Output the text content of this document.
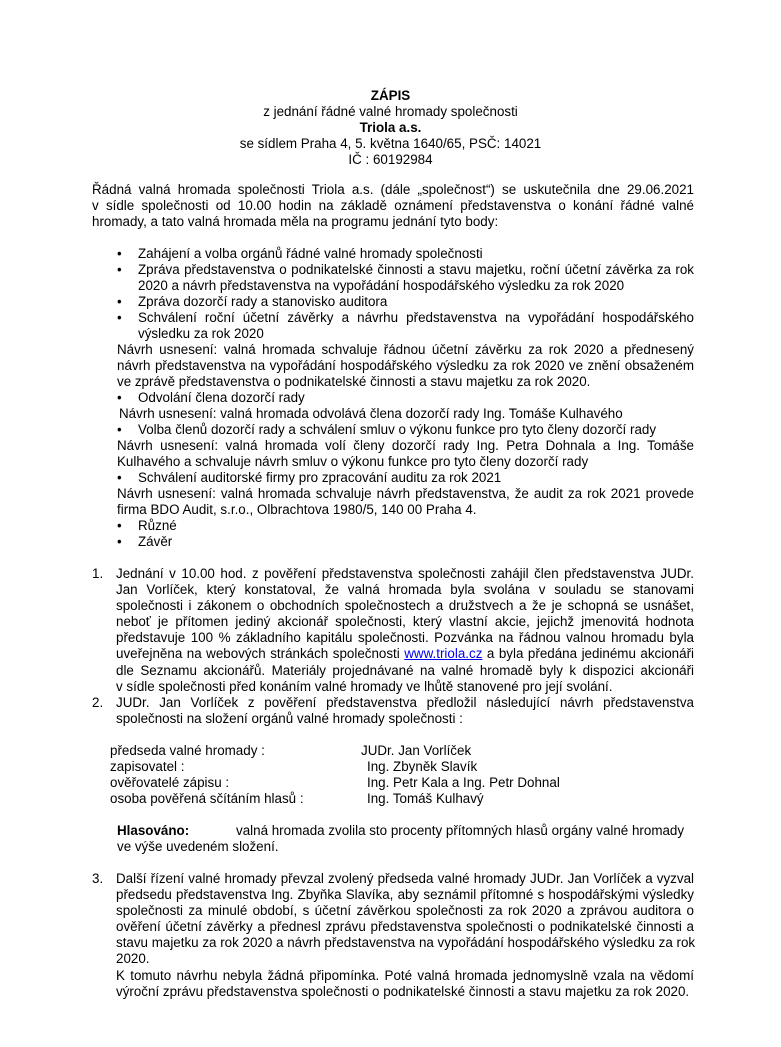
ZÁPIS
z jednání řádné valné hromady společnosti
Triola a.s.
se sídlem Praha 4, 5. května 1640/65, PSČ: 14021
IČ : 60192984
Řádná valná hromada společnosti Triola a.s. (dále „společnost“) se uskutečnila dne 29.06.2021
v sídle společnosti od 10.00 hodin na základě oznámení představenstva o konání řádné valné
hromady, a tato valná hromada měla na programu jednání tyto body:
• Zahájení a volba orgánů řádné valné hromady společnosti
• Zpráva představenstva o podnikatelské činnosti a stavu majetku, roční účetní závěrka za rok
2020 a návrh představenstva na vypořádání hospodářského výsledku za rok 2020
• Zpráva dozorčí rady a stanovisko auditora
• Schválení roční účetní závěrky a návrhu představenstva na vypořádání hospodářského
výsledku za rok 2020
Návrh usnesení: valná hromada schvaluje řádnou účetní závěrku za rok 2020 a přednesený
návrh představenstva na vypořádání hospodářského výsledku za rok 2020 ve znění obsaženém
ve zprávě představenstva o podnikatelské činnosti a stavu majetku za rok 2020.
• Odvolání člena dozorčí rady
Návrh usnesení: valná hromada odvolává člena dozorčí rady Ing. Tomáše Kulhavého
• Volba členů dozorčí rady a schválení smluv o výkonu funkce pro tyto členy dozorčí rady
Návrh usnesení: valná hromada volí členy dozorčí rady Ing. Petra Dohnala a Ing. Tomáše
Kulhavého a schvaluje návrh smluv o výkonu funkce pro tyto členy dozorčí rady
• Schválení auditorské firmy pro zpracování auditu za rok 2021
Návrh usnesení: valná hromada schvaluje návrh představenstva, že audit za rok 2021 provede
firma BDO Audit, s.r.o., Olbrachtova 1980/5, 140 00 Praha 4.
• Různé
• Závěr
1. Jednání v 10.00 hod. z pověření představenstva společnosti zahájil člen představenstva JUDr.
Jan Vorlíček, který konstatoval, že valná hromada byla svolána v souladu se stanovami
společnosti i zákonem o obchodních společnostech a družstvech a že je schopná se usnášet,
neboť je přítomen jediný akcionář společnosti, který vlastní akcie, jejichž jmenovitá hodnota
představuje 100 % základního kapitálu společnosti. Pozvánka na řádnou valnou hromadu byla
uveřejněna na webových stránkách společnosti www.triola.cz a byla předána jedinému akcionáři
dle Seznamu akcionářů. Materiály projednávané na valné hromadě byly k dispozici akcionáři
v sídle společnosti před konáním valné hromady ve lhůtě stanovené pro její svolání.
2. JUDr. Jan Vorlíček z pověření představenstva předložil následující návrh představenstva
společnosti na složení orgánů valné hromady společnosti :
předseda valné hromady :	JUDr. Jan Vorlíček
zapisovatel :	Ing. Zbyněk Slavík
ověřovatelé zápisu :	Ing. Petr Kala a Ing. Petr Dohnal
osoba pověřená sčítáním hlasů :	Ing. Tomáš Kulhavý
Hlasováno:	valná hromada zvolila sto procenty přítomných hlasů orgány valné hromady
ve výše uvedeném složení.
3. Další řízení valné hromady převzal zvolený předseda valné hromady JUDr. Jan Vorlíček a vyzval
předsedu představenstva Ing. Zbyňka Slavíka, aby seznámil přítomné s hospodářskými výsledky
společnosti za minulé období, s účetní závěrkou společnosti za rok 2020 a zprávou auditora o
ověření účetní závěrky a přednesl zprávu představenstva společnosti o podnikatelské činnosti a
stavu majetku za rok 2020 a návrh představenstva na vypořádání hospodářského výsledku za rok
2020.
K tomuto návrhu nebyla žádná připomínka. Poté valná hromada jednomyslně vzala na vědomí
výroční zprávu představenstva společnosti o podnikatelské činnosti a stavu majetku za rok 2020.
